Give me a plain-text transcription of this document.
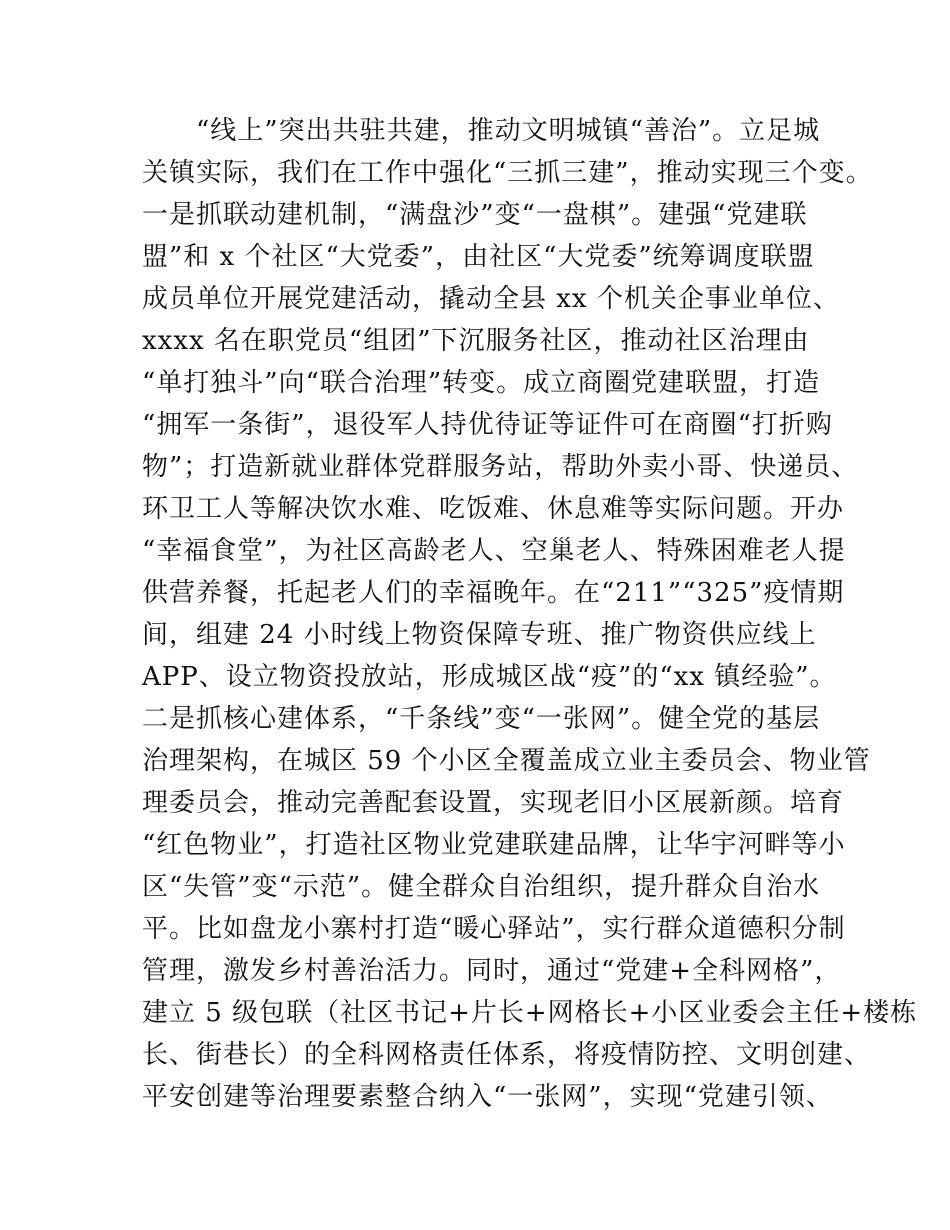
“线上”突出共驻共建，推动文明城镇“善治”。立足城
关镇实际，我们在工作中强化“三抓三建”，推动实现三个变。
一是抓联动建机制，“满盘沙”变“一盘棋”。建强“党建联
盟”和 x 个社区“大党委”，由社区“大党委”统筹调度联盟
成员单位开展党建活动，撬动全县 xx 个机关企事业单位、
xxxx 名在职党员“组团”下沉服务社区，推动社区治理由
“单打独斗”向“联合治理”转变。成立商圈党建联盟，打造
“拥军一条街”，退役军人持优待证等证件可在商圈“打折购
物”；打造新就业群体党群服务站，帮助外卖小哥、快递员、
环卫工人等解决饮水难、吃饭难、休息难等实际问题。开办
“幸福食堂”，为社区高龄老人、空巢老人、特殊困难老人提
供营养餐，托起老人们的幸福晚年。在“211”“325”疫情期
间，组建 24 小时线上物资保障专班、推广物资供应线上
APP、设立物资投放站，形成城区战“疫”的“xx 镇经验”。
二是抓核心建体系，“千条线”变“一张网”。健全党的基层
治理架构，在城区 59 个小区全覆盖成立业主委员会、物业管
理委员会，推动完善配套设置，实现老旧小区展新颜。培育
“红色物业”，打造社区物业党建联建品牌，让华宇河畔等小
区“失管”变“示范”。健全群众自治组织，提升群众自治水
平。比如盘龙小寨村打造“暖心驿站”，实行群众道德积分制
管理，激发乡村善治活力。同时，通过“党建+全科网格”，
建立 5 级包联（社区书记+片长+网格长+小区业委会主任+楼栋
长、街巷长）的全科网格责任体系，将疫情防控、文明创建、
平安创建等治理要素整合纳入“一张网”，实现“党建引领、
